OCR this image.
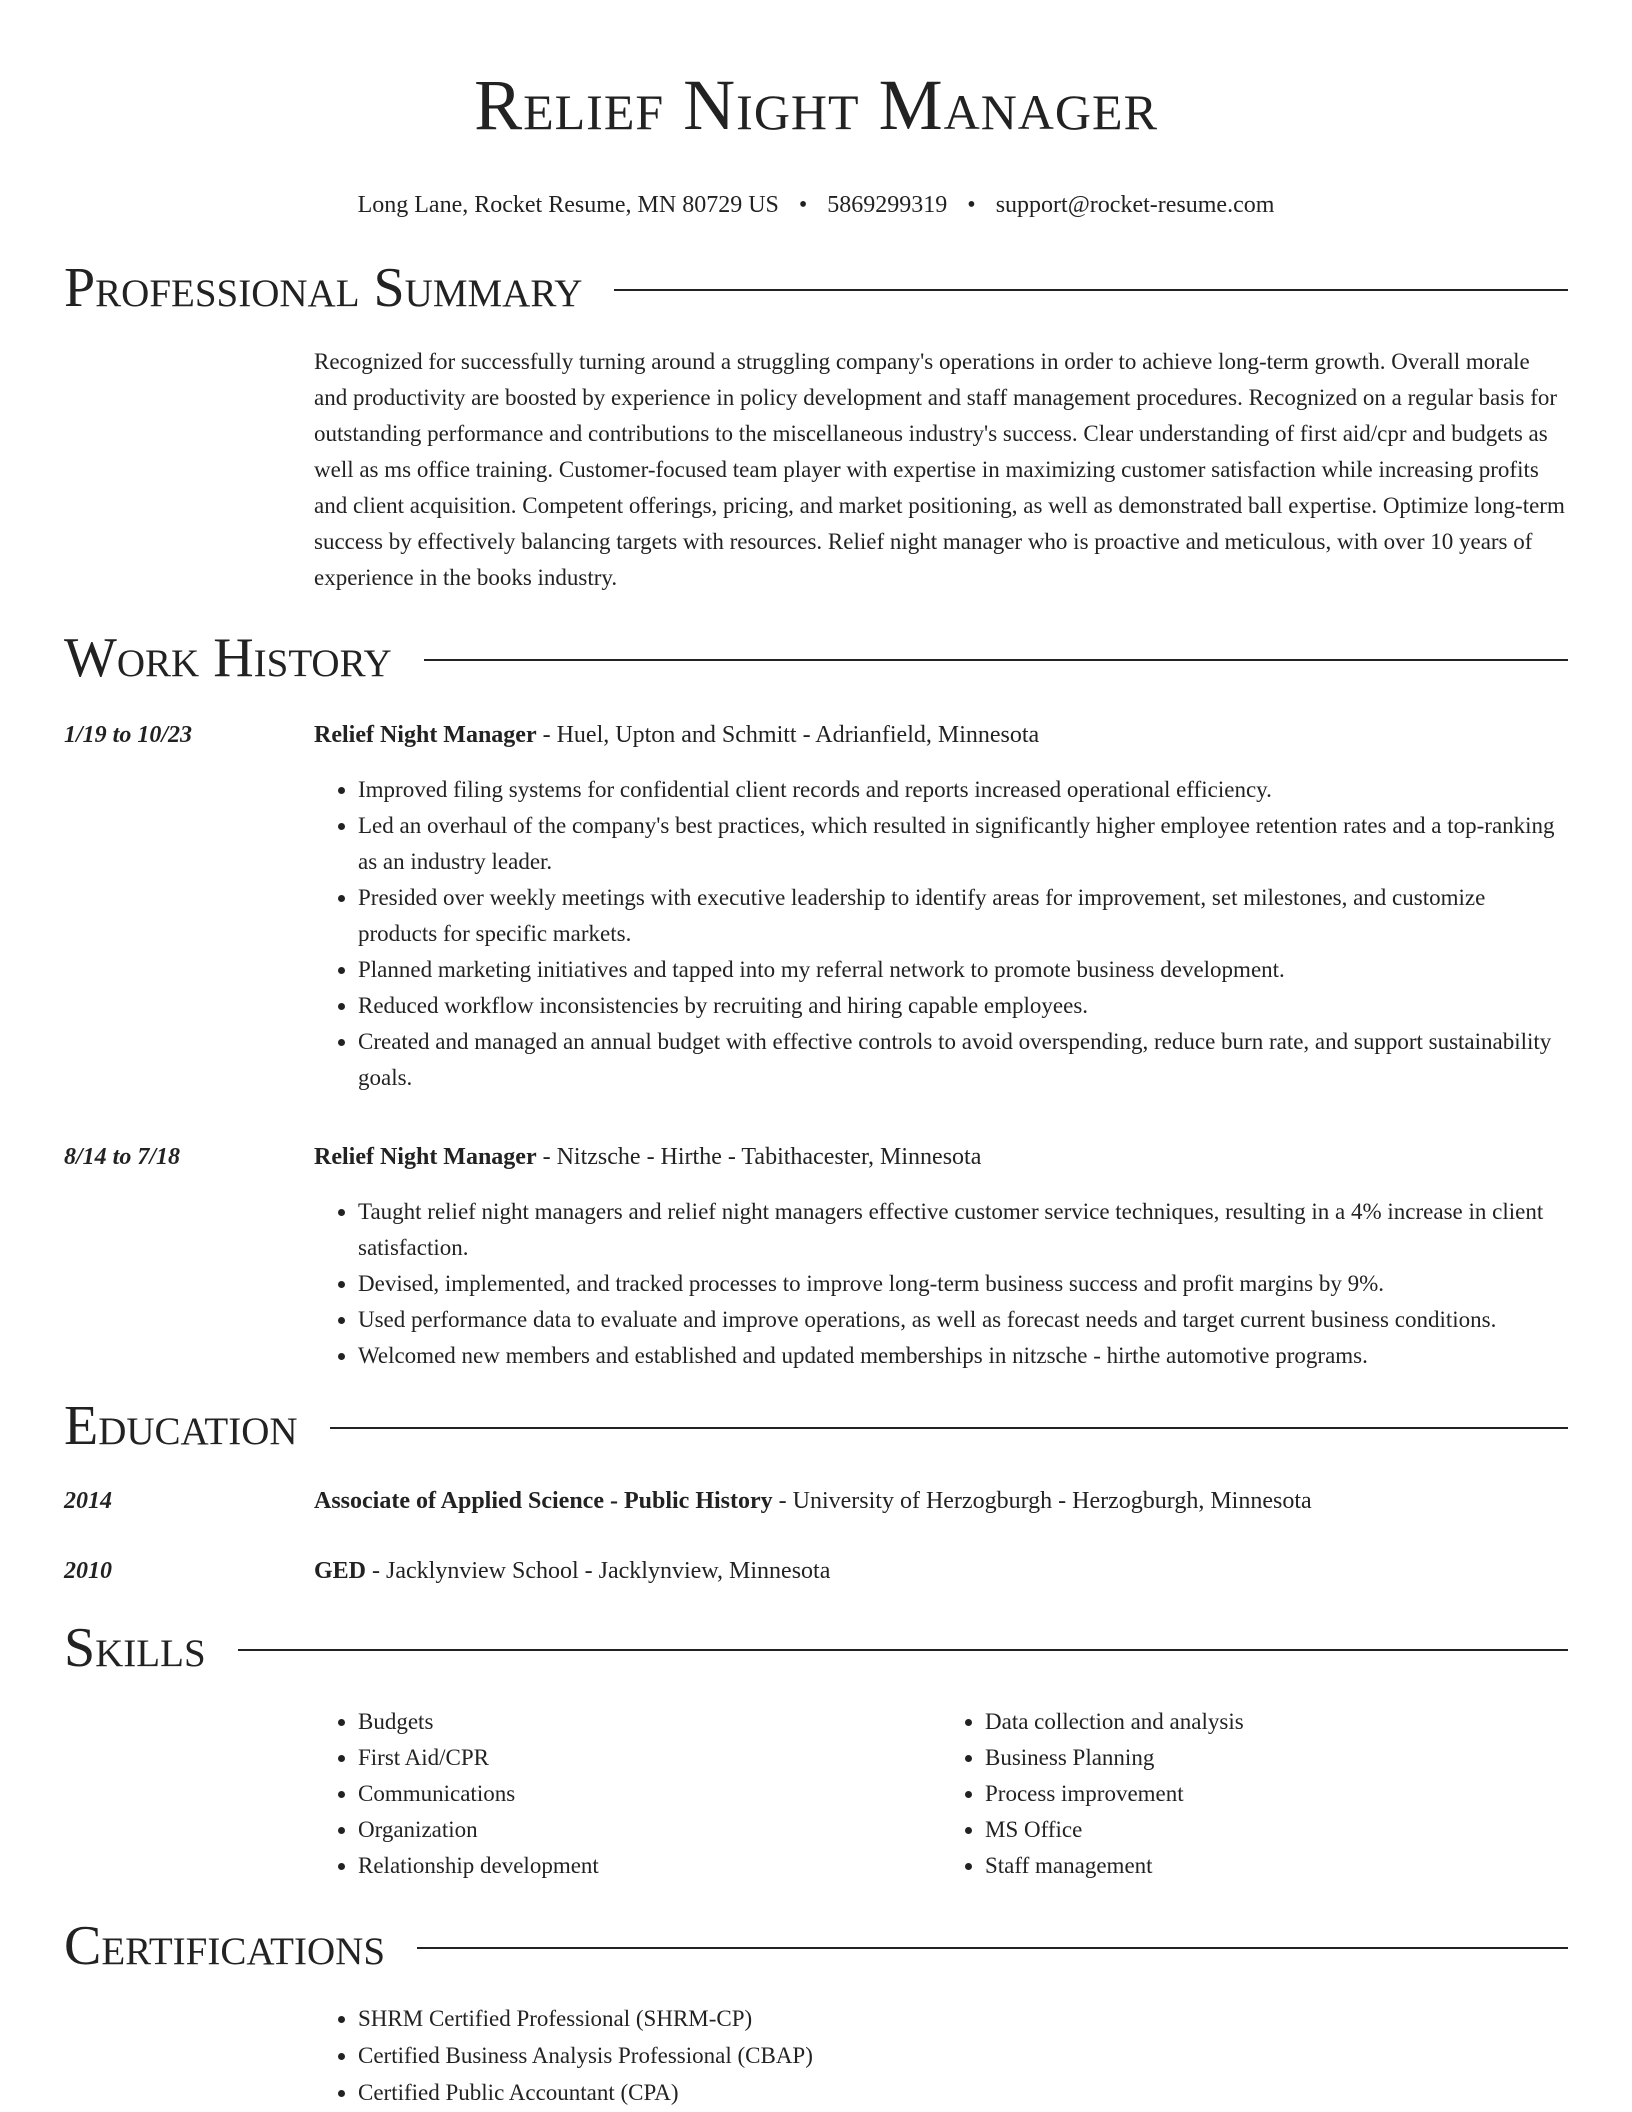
Relief Night Manager
Long Lane, Rocket Resume, MN 80729 US • 5869299319 • support@rocket-resume.com
Professional Summary
Recognized for successfully turning around a struggling company's operations in order to achieve long-term growth. Overall morale and productivity are boosted by experience in policy development and staff management procedures. Recognized on a regular basis for outstanding performance and contributions to the miscellaneous industry's success. Clear understanding of first aid/cpr and budgets as well as ms office training. Customer-focused team player with expertise in maximizing customer satisfaction while increasing profits and client acquisition. Competent offerings, pricing, and market positioning, as well as demonstrated ball expertise. Optimize long-term success by effectively balancing targets with resources. Relief night manager who is proactive and meticulous, with over 10 years of experience in the books industry.
Work History
1/19 to 10/23	Relief Night Manager - Huel, Upton and Schmitt - Adrianfield, Minnesota
• Improved filing systems for confidential client records and reports increased operational efficiency.
• Led an overhaul of the company's best practices, which resulted in significantly higher employee retention rates and a top-ranking as an industry leader.
• Presided over weekly meetings with executive leadership to identify areas for improvement, set milestones, and customize products for specific markets.
• Planned marketing initiatives and tapped into my referral network to promote business development.
• Reduced workflow inconsistencies by recruiting and hiring capable employees.
• Created and managed an annual budget with effective controls to avoid overspending, reduce burn rate, and support sustainability goals.
8/14 to 7/18	Relief Night Manager - Nitzsche - Hirthe - Tabithacester, Minnesota
• Taught relief night managers and relief night managers effective customer service techniques, resulting in a 4% increase in client satisfaction.
• Devised, implemented, and tracked processes to improve long-term business success and profit margins by 9%.
• Used performance data to evaluate and improve operations, as well as forecast needs and target current business conditions.
• Welcomed new members and established and updated memberships in nitzsche - hirthe automotive programs.
Education
2014	Associate of Applied Science - Public History - University of Herzogburgh - Herzogburgh, Minnesota
2010	GED - Jacklynview School - Jacklynview, Minnesota
Skills
• Budgets
• First Aid/CPR
• Communications
• Organization
• Relationship development
• Data collection and analysis
• Business Planning
• Process improvement
• MS Office
• Staff management
Certifications
• SHRM Certified Professional (SHRM-CP)
• Certified Business Analysis Professional (CBAP)
• Certified Public Accountant (CPA)
